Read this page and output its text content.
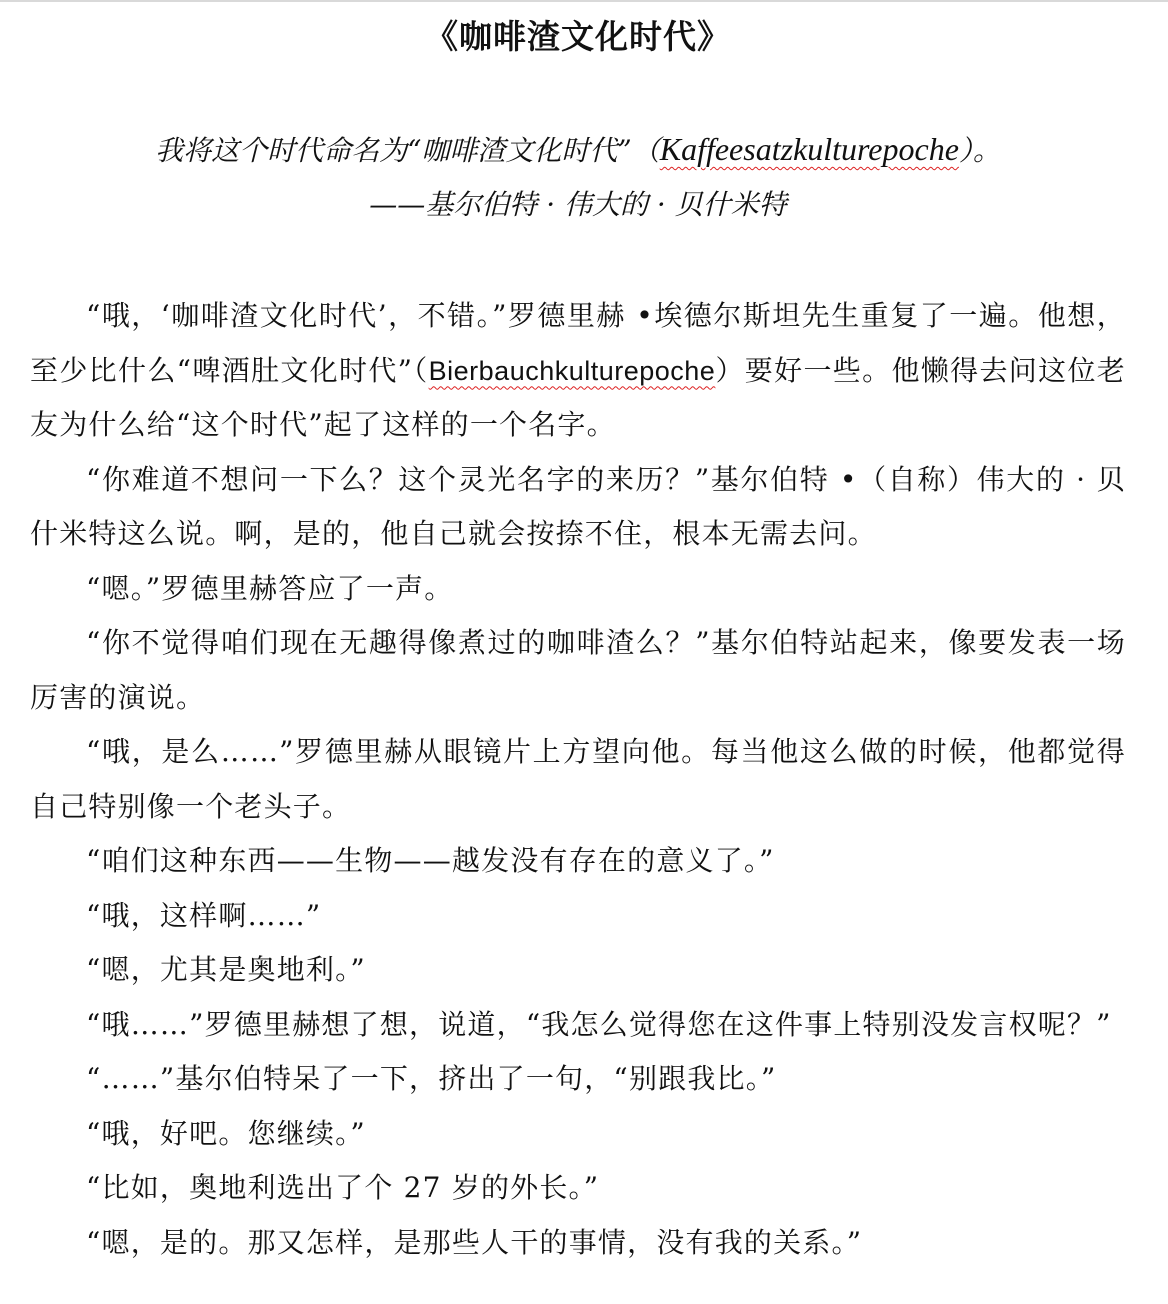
《咖啡渣文化时代》
我将这个时代命名为“咖啡渣文化时代”（Kaffeesatzkulturepoche）。
——基尔伯特 · 伟大的 · 贝什米特

“哦，‘咖啡渣文化时代’，不错。”罗德里赫 •埃德尔斯坦先生重复了一遍。他想，至少比什么“啤酒肚文化时代”（Bierbauchkulturepoche）要好一些。他懒得去问这位老友为什么给“这个时代”起了这样的一个名字。

“你难道不想问一下么？这个灵光名字的来历？”基尔伯特 •（自称）伟大的 · 贝什米特这么说。啊，是的，他自己就会按捺不住，根本无需去问。

“嗯。”罗德里赫答应了一声。

“你不觉得咱们现在无趣得像煮过的咖啡渣么？”基尔伯特站起来，像要发表一场厉害的演说。

“哦，是么……”罗德里赫从眼镜片上方望向他。每当他这么做的时候，他都觉得自己特别像一个老头子。

“咱们这种东西——生物——越发没有存在的意义了。”

“哦，这样啊……”

“嗯，尤其是奥地利。”

“哦……”罗德里赫想了想，说道，“我怎么觉得您在这件事上特别没发言权呢？”

“……”基尔伯特呆了一下，挤出了一句，“别跟我比。”

“哦，好吧。您继续。”

“比如，奥地利选出了个 27 岁的外长。”

“嗯，是的。那又怎样，是那些人干的事情，没有我的关系。”
